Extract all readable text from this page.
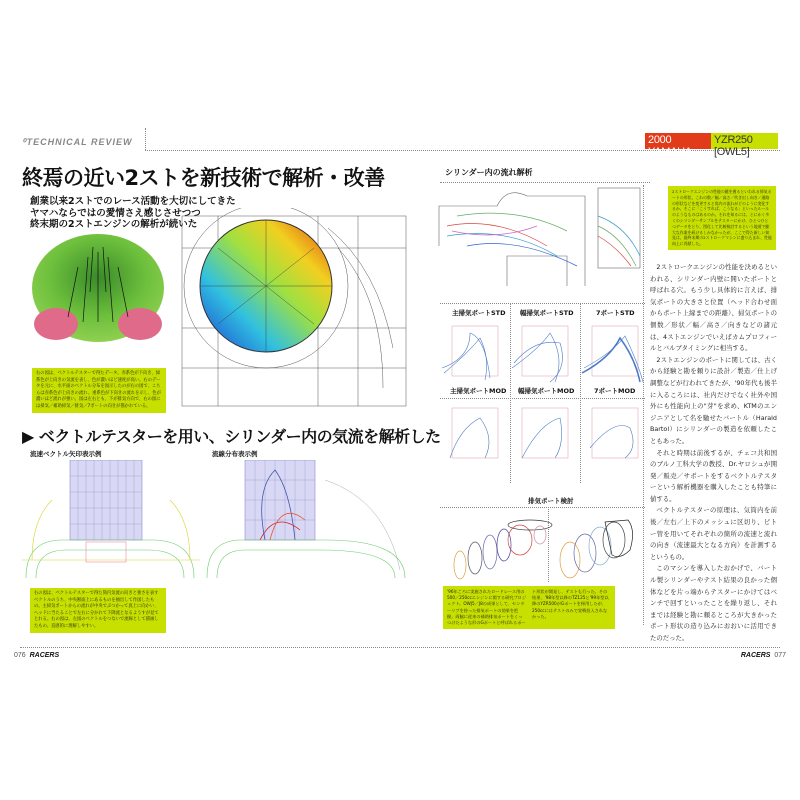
⁰TECHNICAL REVIEW	2000 YAMAHA
YZR250 [OWL5]
終焉の近い2ストを新技術で解析・改善
創業以来2ストでのレース活動を大切にしてきた
ヤマハならではの愛情さえ感じさせつつ
終末期の2ストエンジンの解析が続いた
右の図は、ベクトルテスターで得たデータ。赤系色が下向き、緑系色が上向きの気流を表し、色が濃いほど速度が高い。右のデータを元に、水平面のベクトル分布を図示したのが右の図で、こちらは赤系色が上向きの流れ。重系色が下向きの流れを示し、色が濃いほど流れが強い。図は左右とも、下が排気方向で、右の図には掃気／補助掃気／排気／7ポートの向きが描かれている。
▶ ベクトルテスターを用い、シリンダー内の気流を解析した
流速ベクトル矢印表示例	流線分布表示例
右の図は、ベクトルテスターで得た筒内気流の向きと強さを表すベクトルのうち、中央断面上にあるものを抽出して作図したもの。主掃気ポートからの流れが中央でぶつかって真上に向かい、ヘッドに当たることで左右に分かれて下降流となるようすが見てとれる。右の図は、左図のベクトルをつないで流線として描画したもの。直感的に理解しやすい。
シリンダー内の流れ解析
2ストロークエンジンの性能の鍵を握るといわれる掃気ポートの形状。これの数／幅／高さ／吹き出し向き／通路の形状などを変更すると筒内の流れがどのように変化するか。そこに「こうすれば、こうなる」といったルールのようなものはあるのか。それを知るには、とにかく多くのシリンダーサンプルをテスターにかけ、ひとつひとつデータをとり、図化して比較検討するという地道で膨大な作業を続けるしかなかったが、ここで得た新しい知見は、最終末期の2ストロークマシンに盛り込まれ、性能向上に貢献した。
主掃気ポートSTD 幅掃気ポートSTD	7ポートSTD
主掃気ポートMOD 幅掃気ポートMOD	7ポートMOD
排気ポート検討
'96年ごろに実施されたロードレース用の500／250ccエンジンに関する研究プロジェクト。OWJ5／J8の成果として、センターリブを持った排気ポートの効果を把握。両脇に従来の補助排気ポートをくっつけたような形のGポートと呼ばれるポート形状が開発し、テストも行った。その結果、'98年型以降のTZ125と'99年型以降のYZR500がGポートを採用したが、250ccにはテストのみで実戦投入されなかった。

2ストロークエンジンの性能を決めるといわれる、シリンダー内壁に開いたポートと呼ばれる穴。もう少し具体的に言えば、排気ポートの大きさと位置（ヘッド合わせ面からポート上縁までの距離）、掃気ポートの個数／形状／幅／高さ／向きなどの諸元は、4ストエンジンでいえばカムプロフィールとバルブタイミングに相当する。

2ストエンジンのポートに関しては、古くから経験と勘を頼りに設計／製造／仕上げ調整などが行われてきたが、'90年代も後半に入るころには、社内だけでなく社外や国外にも性能向上の"芽"を求め、KTMのエンジニアとして名を馳せたバートル（Harald Bartol）にシリンダーの製造を依頼したこともあった。

それと時期は前後するが、チェコ共和国のブルノ工科大学の教授、Dr.ヤロシュが開発／販売／サポートをするベクトルテスターという解析機器を購入したことも特筆に値する。

ベクトルテスターの原理は、気筒内を前後／左右／上下のメッシュに区切り、ピトー管を用いてそれぞれの箇所の流速と流れの向き（流速最大となる方向）を計測するというもの。

このマシンを導入したおかげで、バートル製シリンダーやテスト結果の良かった個体などを片っ端からテスターにかけてはベンチで回すといったことを繰り返し、それまでは経験と勘に頼るところが大きかったポート形状の造り込みにおおいに活用できたのだった。

076 RACERS	RACERS 077
